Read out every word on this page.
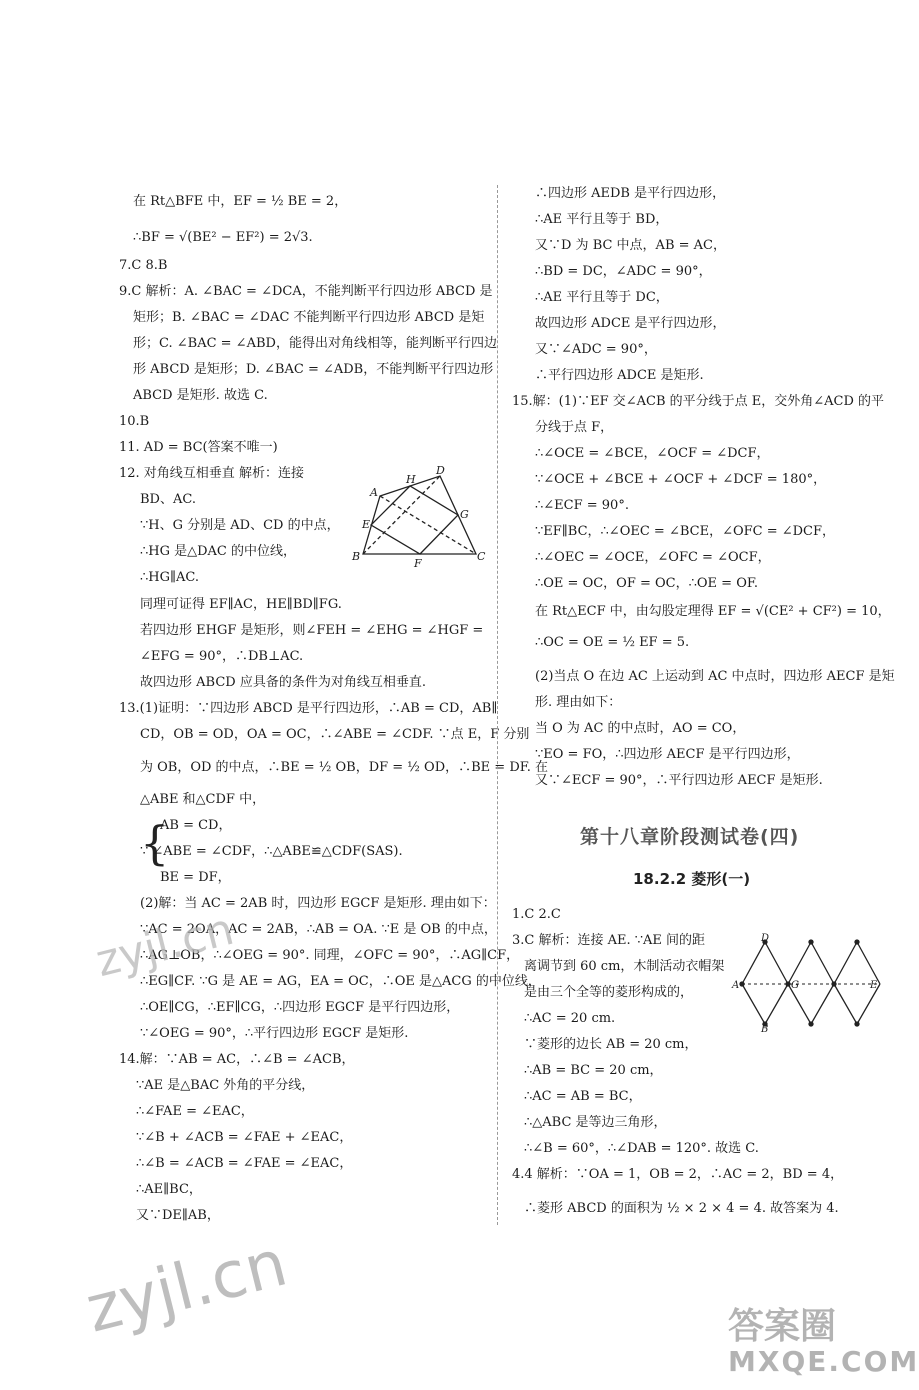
在 Rt△BFE 中，EF = ½ BE = 2，
∴BF = √(BE² − EF²) = 2√3.
7.C 8.B
9.C 解析：A. ∠BAC = ∠DCA，不能判断平行四边形 ABCD 是
矩形；B. ∠BAC = ∠DAC 不能判断平行四边形 ABCD 是矩
形；C. ∠BAC = ∠ABD，能得出对角线相等，能判断平行四边
形 ABCD 是矩形；D. ∠BAC = ∠ADB，不能判断平行四边形
ABCD 是矩形. 故选 C.
10.B
11. AD = BC(答案不唯一)
12. 对角线互相垂直 解析：连接
BD、AC.
∵H、G 分别是 AD、CD 的中点，
∴HG 是△DAC 的中位线，
∴HG∥AC.
同理可证得 EF∥AC，HE∥BD∥FG.
若四边形 EHGF 是矩形，则∠FEH = ∠EHG = ∠HGF =
∠EFG = 90°，∴DB⊥AC.
故四边形 ABCD 应具备的条件为对角线互相垂直.
13.(1)证明：∵四边形 ABCD 是平行四边形，∴AB = CD，AB∥
CD，OB = OD，OA = OC，∴∠ABE = ∠CDF. ∵点 E，F 分别
为 OB，OD 的中点，∴BE = ½ OB，DF = ½ OD，∴BE = DF. 在
△ABE 和△CDF 中，
{
AB = CD，
∵ ∠ABE = ∠CDF，∴△ABE≌△CDF(SAS).
BE = DF，
(2)解：当 AC = 2AB 时，四边形 EGCF 是矩形. 理由如下：
∵AC = 2OA，AC = 2AB，∴AB = OA. ∵E 是 OB 的中点，
∴AG⊥OB，∴∠OEG = 90°. 同理，∠OFC = 90°，∴AG∥CF，
∴EG∥CF. ∵G 是 AE = AG，EA = OC，∴OE 是△ACG 的中位线，
∴OE∥CG，∴EF∥CG，∴四边形 EGCF 是平行四边形，
∵∠OEG = 90°，∴平行四边形 EGCF 是矩形.
14.解：∵AB = AC，∴∠B = ∠ACB，
∵AE 是△BAC 外角的平分线，
∴∠FAE = ∠EAC，
∵∠B + ∠ACB = ∠FAE + ∠EAC，
∴∠B = ∠ACB = ∠FAE = ∠EAC，
∴AE∥BC，
又∵DE∥AB，
A
H
D
G
E
B
F
C
∴四边形 AEDB 是平行四边形，
∴AE 平行且等于 BD，
又∵D 为 BC 中点，AB = AC，
∴BD = DC，∠ADC = 90°，
∴AE 平行且等于 DC，
故四边形 ADCE 是平行四边形，
又∵∠ADC = 90°，
∴平行四边形 ADCE 是矩形.
15.解：(1)∵EF 交∠ACB 的平分线于点 E，交外角∠ACD 的平
分线于点 F，
∴∠OCE = ∠BCE，∠OCF = ∠DCF，
∵∠OCE + ∠BCE + ∠OCF + ∠DCF = 180°，
∴∠ECF = 90°.
∵EF∥BC，∴∠OEC = ∠BCE，∠OFC = ∠DCF，
∴∠OEC = ∠OCE，∠OFC = ∠OCF，
∴OE = OC，OF = OC，∴OE = OF.
在 Rt△ECF 中，由勾股定理得 EF = √(CE² + CF²) = 10，
∴OC = OE = ½ EF = 5.
(2)当点 O 在边 AC 上运动到 AC 中点时，四边形 AECF 是矩
形. 理由如下：
当 O 为 AC 的中点时，AO = CO，
∵EO = FO，∴四边形 AECF 是平行四边形，
又∵∠ECF = 90°，∴平行四边形 AECF 是矩形.
第十八章阶段测试卷(四)
18.2.2 菱形(一)
1.C 2.C
3.C 解析：连接 AE. ∵AE 间的距
离调节到 60 cm，木制活动衣帽架
是由三个全等的菱形构成的，
∴AC = 20 cm.
∵菱形的边长 AB = 20 cm，
∴AB = BC = 20 cm，
∴AC = AB = BC，
∴△ABC 是等边三角形，
∴∠B = 60°，∴∠DAB = 120°. 故选 C.
4.4 解析：∵OA = 1，OB = 2，∴AC = 2，BD = 4，
∴菱形 ABCD 的面积为 ½ × 2 × 4 = 4. 故答案为 4.
D
A	G	E
B
zyjl.cn
zyjl.cn	答案圈
MXQE.COM
